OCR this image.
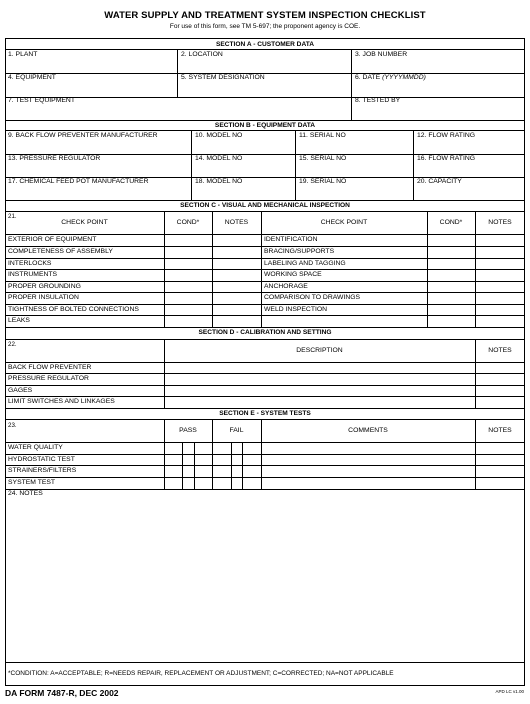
WATER SUPPLY AND TREATMENT SYSTEM INSPECTION CHECKLIST
For use of this form, see TM 5-697; the proponent agency is COE.
SECTION A - CUSTOMER DATA
1. PLANT	2. LOCATION	3. JOB NUMBER
4. EQUIPMENT	5. SYSTEM DESIGNATION	6. DATE (YYYYMMDD)
7. TEST EQUIPMENT	8. TESTED BY
SECTION B - EQUIPMENT DATA
9. BACK FLOW PREVENTER MANUFACTURER	10. MODEL NO	11. SERIAL NO	12. FLOW RATING
13. PRESSURE REGULATOR	14. MODEL NO	15. SERIAL NO	16. FLOW RATING
17. CHEMICAL FEED POT MANUFACTURER	18. MODEL NO	19. SERIAL NO	20. CAPACITY
SECTION C - VISUAL AND MECHANICAL INSPECTION
21.
CHECK POINT	COND*	NOTES	CHECK POINT	COND*	NOTES
EXTERIOR OF EQUIPMENT	IDENTIFICATION
COMPLETENESS OF ASSEMBLY	BRACING/SUPPORTS
INTERLOCKS	LABELING AND TAGGING
INSTRUMENTS	WORKING SPACE
PROPER GROUNDING	ANCHORAGE
PROPER INSULATION	COMPARISON TO DRAWINGS
TIGHTNESS OF BOLTED CONNECTIONS	WELD INSPECTION
LEAKS
SECTION D - CALIBRATION AND SETTING
22.
DESCRIPTION	NOTES
BACK FLOW PREVENTER
PRESSURE REGULATOR
GAGES
LIMIT SWITCHES AND LINKAGES
SECTION E - SYSTEM TESTS
23.
PASS	FAIL	COMMENTS	NOTES
WATER QUALITY
HYDROSTATIC TEST
STRAINERS/FILTERS
SYSTEM TEST
24. NOTES
*CONDITION: A=ACCEPTABLE; R=NEEDS REPAIR, REPLACEMENT OR ADJUSTMENT; C=CORRECTED; NA=NOT APPLICABLE
DA FORM 7487-R, DEC 2002	APD LC v1.00
